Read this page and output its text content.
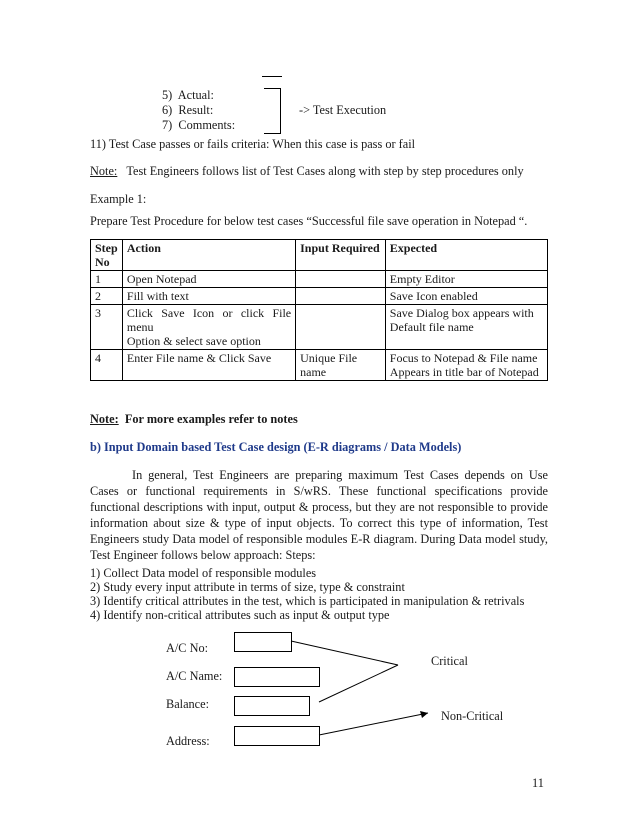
5) Actual:
6) Result:
7) Comments:
-> Test Execution
11) Test Case passes or fails criteria: When this case is pass or fail
Note: Test Engineers follows list of Test Cases along with step by step procedures only
Example 1:
Prepare Test Procedure for below test cases “Successful file save operation in Notepad “.
Step No	Action	Input Required	Expected
1	Open Notepad		Empty Editor
2	Fill with text		Save Icon enabled
3	Click Save Icon or click File menu
Option & select save option		Save Dialog box appears with Default file name
4	Enter File name & Click Save	Unique File name	Focus to Notepad & File name
Appears in title bar of Notepad
Note: For more examples refer to notes
b) Input Domain based Test Case design (E-R diagrams / Data Models)
In general, Test Engineers are preparing maximum Test Cases depends on Use Cases or functional requirements in S/wRS. These functional specifications provide functional descriptions with input, output & process, but they are not responsible to provide information about size & type of input objects. To correct this type of information, Test Engineers study Data model of responsible modules E-R diagram. During Data model study, Test Engineer follows below approach: Steps:
1) Collect Data model of responsible modules
2) Study every input attribute in terms of size, type & constraint
3) Identify critical attributes in the test, which is participated in manipulation & retrivals
4) Identify non-critical attributes such as input & output type
A/C No:
A/C Name:
Balance:
Address:
Critical
Non-Critical
11
